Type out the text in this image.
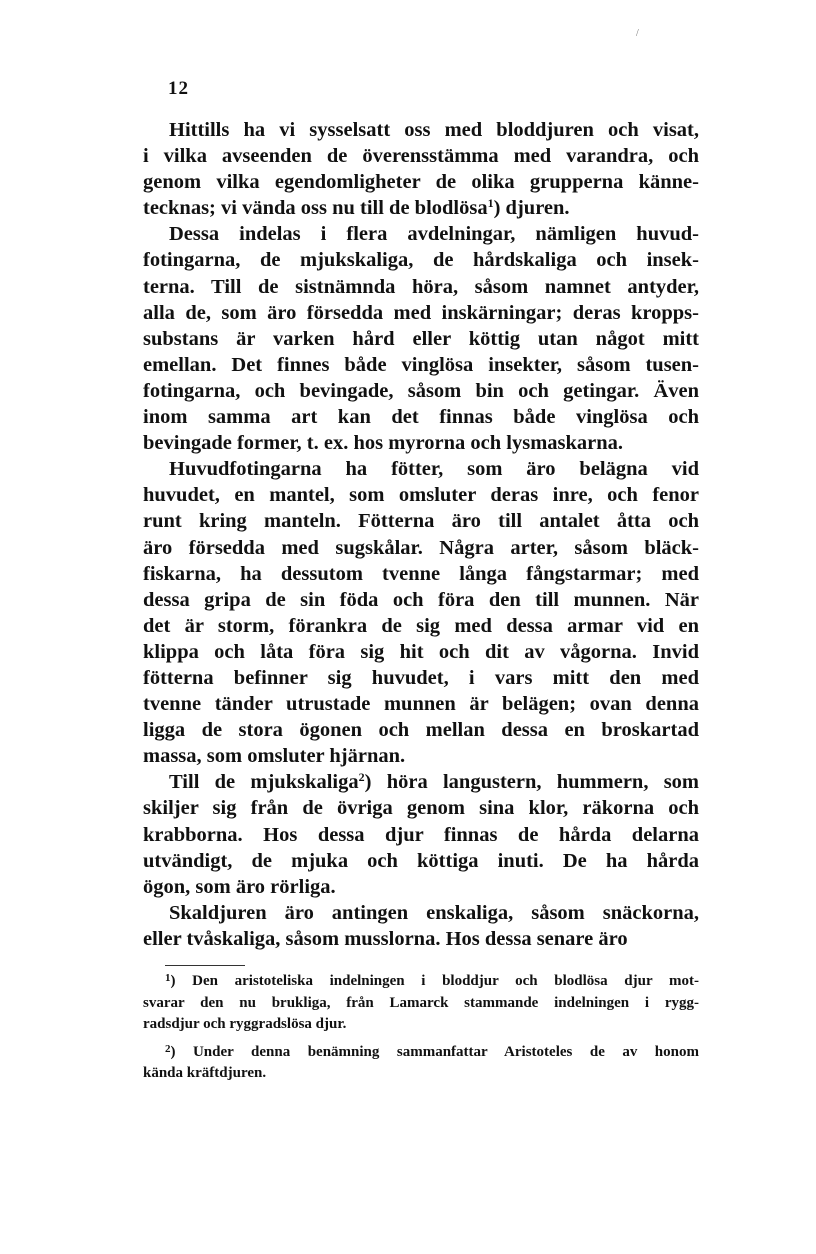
/
12
Hittills ha vi sysselsatt oss med bloddjuren och visat,
i vilka avseenden de överensstämma med varandra, och
genom vilka egendomligheter de olika grupperna känne-
tecknas; vi vända oss nu till de blodlösa$^1$) djuren.
Dessa indelas i flera avdelningar, nämligen huvud-
fotingarna, de mjukskaliga, de hårdskaliga och insek-
terna. Till de sistnämnda höra, såsom namnet antyder,
alla de, som äro försedda med inskärningar; deras kropps-
substans är varken hård eller köttig utan något mitt
emellan. Det finnes både vinglösa insekter, såsom tusen-
fotingarna, och bevingade, såsom bin och getingar. Även
inom samma art kan det finnas både vinglösa och
bevingade former, t. ex. hos myrorna och lysmaskarna.
Huvudfotingarna ha fötter, som äro belägna vid
huvudet, en mantel, som omsluter deras inre, och fenor
runt kring manteln. Fötterna äro till antalet åtta och
äro försedda med sugskålar. Några arter, såsom bläck-
fiskarna, ha dessutom tvenne långa fångstarmar; med
dessa gripa de sin föda och föra den till munnen. När
det är storm, förankra de sig med dessa armar vid en
klippa och låta föra sig hit och dit av vågorna. Invid
fötterna befinner sig huvudet, i vars mitt den med
tvenne tänder utrustade munnen är belägen; ovan denna
ligga de stora ögonen och mellan dessa en broskartad
massa, som omsluter hjärnan.
Till de mjukskaliga$^2$) höra langustern, hummern, som
skiljer sig från de övriga genom sina klor, räkorna och
krabborna. Hos dessa djur finnas de hårda delarna
utvändigt, de mjuka och köttiga inuti. De ha hårda
ögon, som äro rörliga.
Skaldjuren äro antingen enskaliga, såsom snäckorna,
eller tvåskaliga, såsom musslorna. Hos dessa senare äro
$^1$) Den aristoteliska indelningen i bloddjur och blodlösa djur mot-
svarar den nu brukliga, från Lamarck stammande indelningen i rygg-
radsdjur och ryggradslösa djur.
$^2$) Under denna benämning sammanfattar Aristoteles de av honom
kända kräftdjuren.
